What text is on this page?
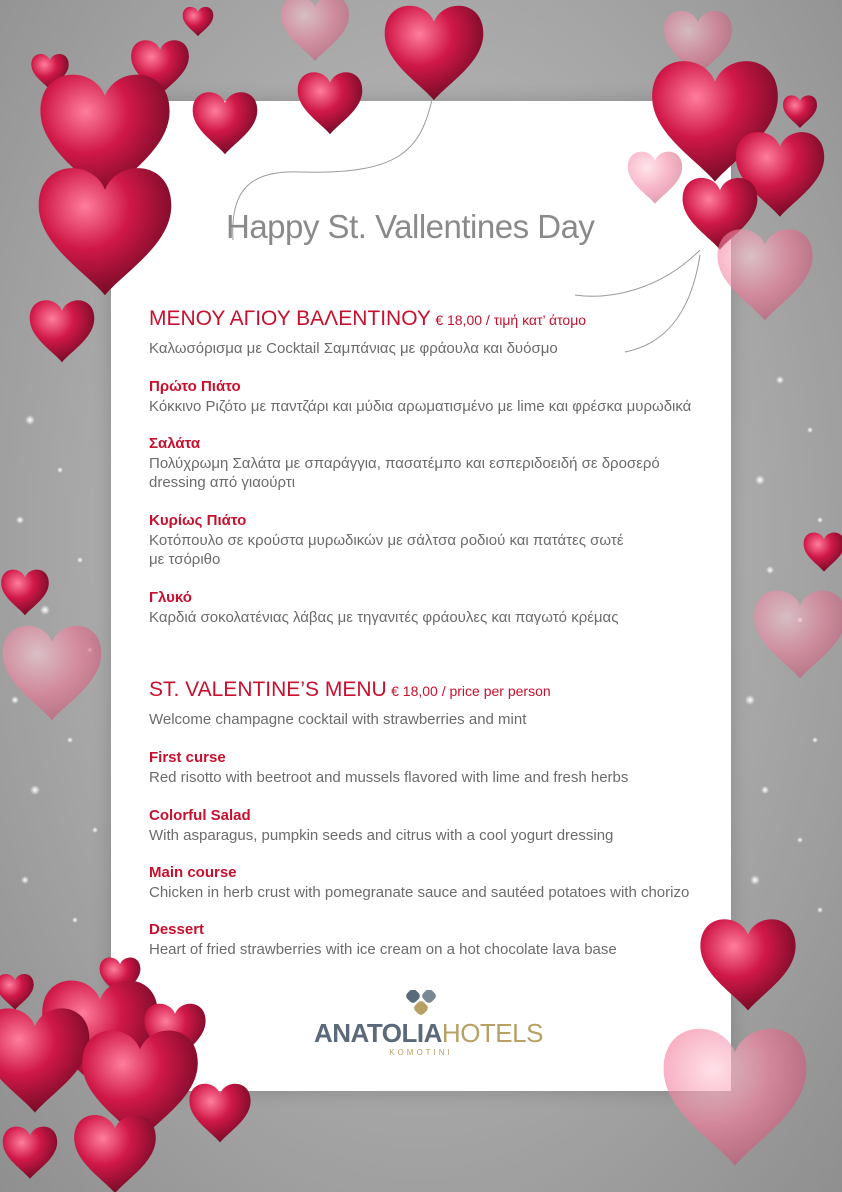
Happy St. Vallentines Day
ΜΕΝΟΥ ΑΓΙΟΥ ΒΑΛΕΝΤΙΝΟΥ € 18,00 / τιμή κατ’ άτομο
Καλωσόρισμα με Cocktail Σαμπάνιας με φράουλα και δυόσμο
Πρώτο Πιάτο
Κόκκινο Ριζότο με παντζάρι και μύδια αρωματισμένο με lime και φρέσκα μυρωδικά
Σαλάτα
Πολύχρωμη Σαλάτα με σπαράγγια, πασατέμπο και εσπεριδοειδή σε δροσερό
dressing από γιαούρτι
Κυρίως Πιάτο
Κοτόπουλο σε κρούστα μυρωδικών με σάλτσα ροδιού και πατάτες σωτέ
με τσόριθο
Γλυκό
Καρδιά σοκολατένιας λάβας με τηγανιτές φράουλες και παγωτό κρέμας
ST. VALENTINE’S MENU € 18,00 / price per person
Welcome champagne cocktail with strawberries and mint
First curse
Red risotto with beetroot and mussels flavored with lime and fresh herbs
Colorful Salad
With asparagus, pumpkin seeds and citrus with a cool yogurt dressing
Main course
Chicken in herb crust with pomegranate sauce and sautéed potatoes with chorizo
Dessert
Heart of fried strawberries with ice cream on a hot chocolate lava base
ANATOLIAHOTELS
KOMOTINI
